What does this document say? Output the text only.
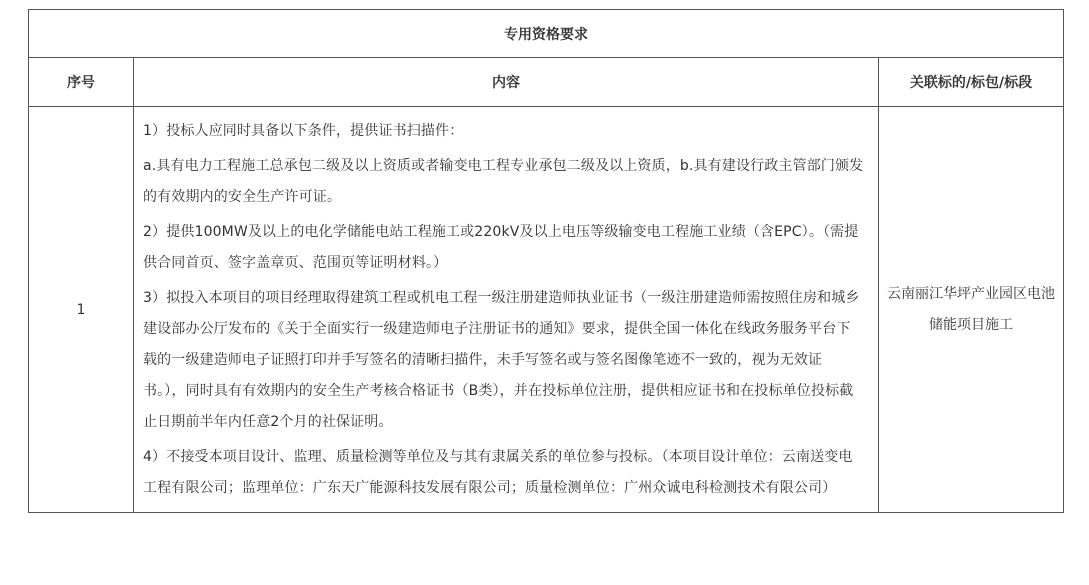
专用资格要求		
序号	内容	关联标的/标包/标段
1	1）投标人应同时具备以下条件，提供证书扫描件：

a.具有电力工程施工总承包二级及以上资质或者输变电工程专业承包二级及以上资质，b.具有建设行政主管部门颁发的有效期内的安全生产许可证。

2）提供100MW及以上的电化学储能电站工程施工或220kV及以上电压等级输变电工程施工业绩（含EPC）。（需提供合同首页、签字盖章页、范围页等证明材料。）

3）拟投入本项目的项目经理取得建筑工程或机电工程一级注册建造师执业证书（一级注册建造师需按照住房和城乡建设部办公厅发布的《关于全面实行一级建造师电子注册证书的通知》要求，提供全国一体化在线政务服务平台下载的一级建造师电子证照打印并手写签名的清晰扫描件，未手写签名或与签名图像笔迹不一致的，视为无效证书。），同时具有有效期内的安全生产考核合格证书（B类），并在投标单位注册，提供相应证书和在投标单位投标截止日期前半年内任意2个月的社保证明。

4）不接受本项目设计、监理、质量检测等单位及与其有隶属关系的单位参与投标。（本项目设计单位：云南送变电工程有限公司；监理单位：广东天广能源科技发展有限公司；质量检测单位：广州众诚电科检测技术有限公司）	云南丽江华坪产业园区电池储能项目施工
